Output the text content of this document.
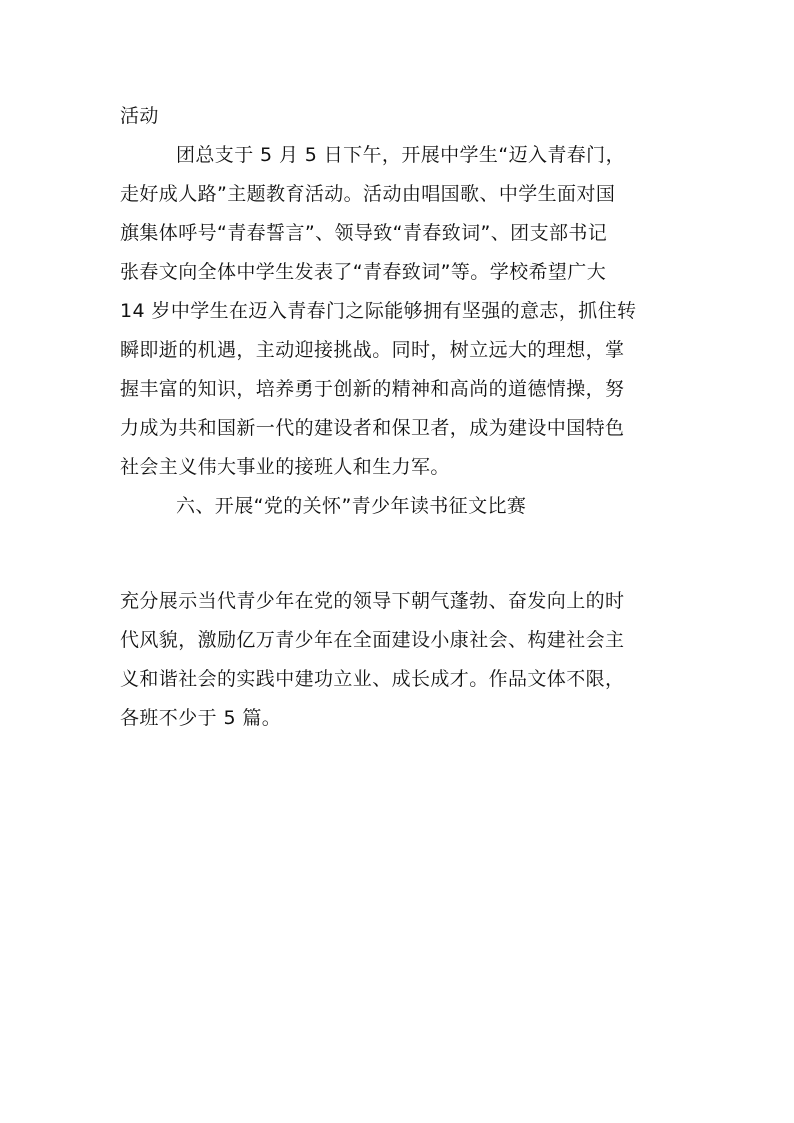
活动
团总支于 5 月 5 日下午，开展中学生“迈入青春门，
走好成人路”主题教育活动。活动由唱国歌、中学生面对国
旗集体呼号“青春誓言”、领导致“青春致词”、团支部书记
张春文向全体中学生发表了“青春致词”等。学校希望广大
14 岁中学生在迈入青春门之际能够拥有坚强的意志，抓住转
瞬即逝的机遇，主动迎接挑战。同时，树立远大的理想，掌
握丰富的知识，培养勇于创新的精神和高尚的道德情操，努
力成为共和国新一代的建设者和保卫者，成为建设中国特色
社会主义伟大事业的接班人和生力军。
六、开展“党的关怀”青少年读书征文比赛
充分展示当代青少年在党的领导下朝气蓬勃、奋发向上的时
代风貌，激励亿万青少年在全面建设小康社会、构建社会主
义和谐社会的实践中建功立业、成长成才。作品文体不限，
各班不少于 5 篇。
